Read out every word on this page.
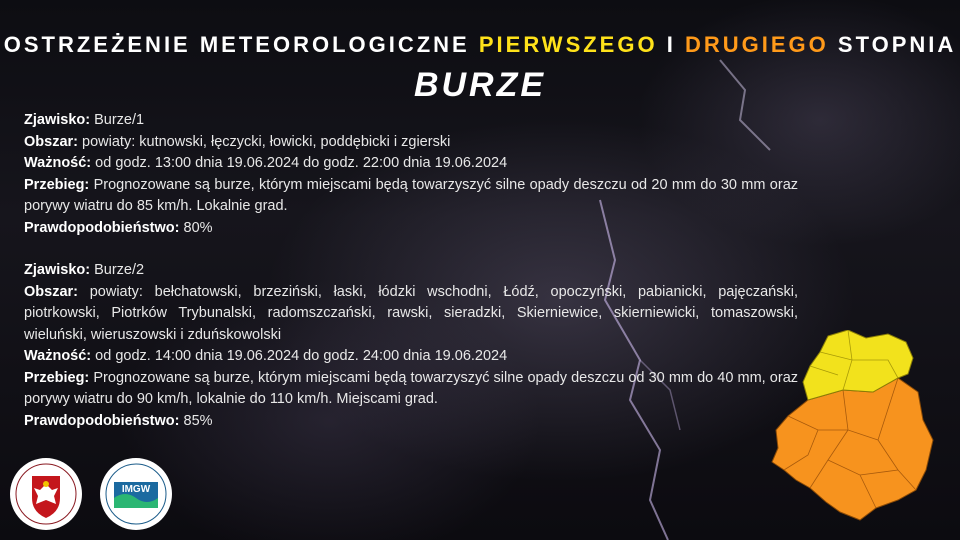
OSTRZEŻENIE METEOROLOGICZNE PIERWSZEGO I DRUGIEGO STOPNIA
BURZE
Zjawisko: Burze/1
Obszar: powiaty: kutnowski, łęczycki, łowicki, poddębicki i zgierski
Ważność: od godz. 13:00 dnia 19.06.2024 do godz. 22:00 dnia 19.06.2024
Przebieg: Prognozowane są burze, którym miejscami będą towarzyszyć silne opady deszczu od 20 mm do 30 mm oraz porywy wiatru do 85 km/h. Lokalnie grad.
Prawdopodobieństwo: 80%
Zjawisko: Burze/2
Obszar: powiaty: bełchatowski, brzeziński, łaski, łódzki wschodni, Łódź, opoczyński, pabianicki, pajęczański, piotrkowski, Piotrków Trybunalski, radomszczański, rawski, sieradzki, Skierniewice, skierniewicki, tomaszowski, wieluński, wieruszowski i zduńskowolski
Ważność: od godz. 14:00 dnia 19.06.2024 do godz. 24:00 dnia 19.06.2024
Przebieg: Prognozowane są burze, którym miejscami będą towarzyszyć silne opady deszczu od 30 mm do 40 mm, oraz porywy wiatru do 90 km/h, lokalnie do 110 km/h. Miejscami grad.
Prawdopodobieństwo: 85%
IMGW
